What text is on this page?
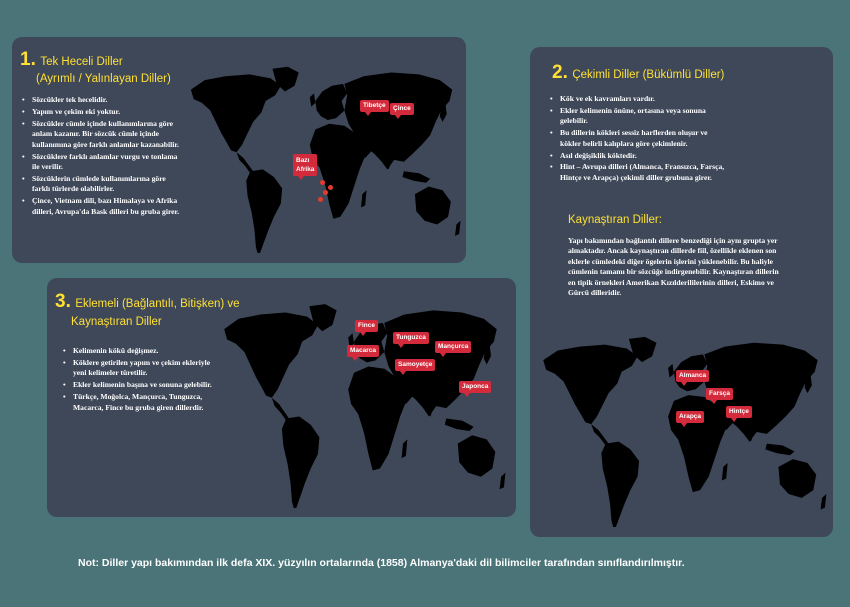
1. Tek Heceli Diller
(Ayrımlı / Yalınlayan Diller)
• Sözcükler tek hecelidir.
• Yapım ve çekim eki yoktur.
• Sözcükler cümle içinde kullanımlarına göre anlam kazanır. Bir sözcük cümle içinde kullanımına göre farklı anlamlar kazanabilir.
• Sözcüklere farklı anlamlar vurgu ve tonlama ile verilir.
• Sözcüklerin cümlede kullanımlarına göre farklı türlerde olabilirler.
• Çince, Vietnam dili, bazı Himalaya ve Afrika dilleri, Avrupa'da Bask dilleri bu gruba girer.
Tibetçe	Çince
Bazı
Afrika
2. Çekimli Diller (Bükümlü Diller)
• Kök ve ek kavramları vardır.
• Ekler kelimenin önüne, ortasına veya sonuna gelebilir.
• Bu dillerin kökleri sessiz harflerden oluşur ve kökler belirli kalıplara göre çekimlenir.
• Asıl değişiklik köktedir.
• Hint – Avrupa dilleri (Almanca, Fransızca, Farsça, Hintçe ve Arapça) çekimli diller grubuna girer.
Kaynaştıran Diller:
Yapı bakımından bağlantılı dillere benzediği için aynı grupta yer almaktadır. Ancak kaynaştıran dillerde fiil, özellikle eklenen son eklerle cümledeki diğer ögelerin işlerini yüklenebilir. Bu haliyle cümlenin tamamı bir sözcüğe indirgenebilir. Kaynaştıran dillerin en tipik örnekleri Amerikan Kızılderililerinin dilleri, Eskimo ve Gürcü dilleridir.
Almanca
Farsça
Arapça
Hintçe
3. Eklemeli (Bağlantılı, Bitişken) ve
Kaynaştıran Diller
• Kelimenin kökü değişmez.
• Köklere getirilen yapım ve çekim ekleriyle yeni kelimeler türetilir.
• Ekler kelimenin başına ve sonuna gelebilir.
• Türkçe, Moğolca, Mançurca, Tunguzca, Macarca, Fince bu gruba giren dillerdir.
Fince
Macarca
Tunguzca
Mançurca
Samoyetçe
Japonca
Not: Diller yapı bakımından ilk defa XIX. yüzyılın ortalarında (1858) Almanya'daki dil bilimciler tarafından sınıflandırılmıştır.
